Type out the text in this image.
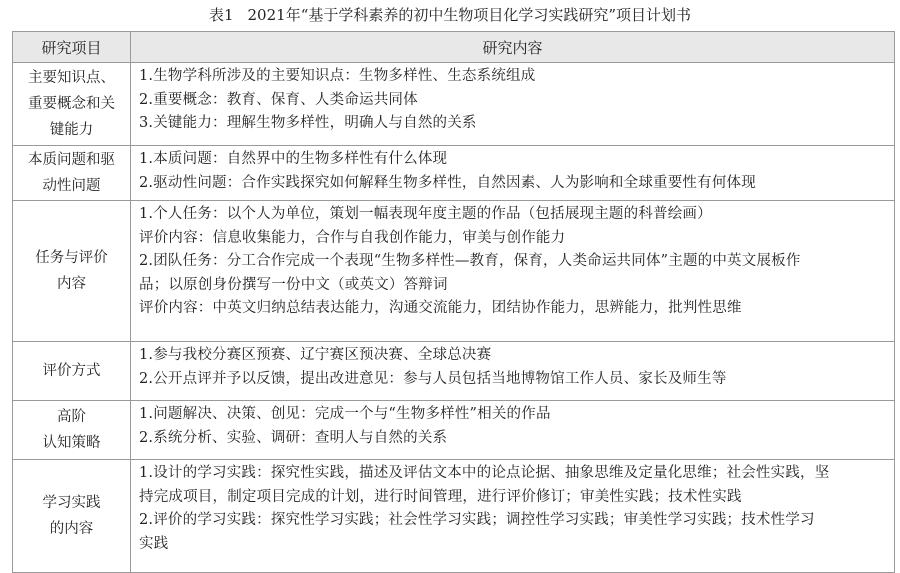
表1 2021年“基于学科素养的初中生物项目化学习实践研究”项目计划书
研究项目	研究内容

主要知识点、
重要概念和关
键能力	1.生物学科所涉及的主要知识点：生物多样性、生态系统组成
2.重要概念：教育、保育、人类命运共同体
3.关键能力：理解生物多样性，明确人与自然的关系

本质问题和驱
动性问题	1.本质问题：自然界中的生物多样性有什么体现
2.驱动性问题：合作实践探究如何解释生物多样性，自然因素、人为影响和全球重要性有何体现

任务与评价
内容	1.个人任务：以个人为单位，策划一幅表现年度主题的作品（包括展现主题的科普绘画）
评价内容：信息收集能力，合作与自我创作能力，审美与创作能力
2.团队任务：分工合作完成一个表现“生物多样性—教育，保育，人类命运共同体”主题的中英文展板作
品；以原创身份撰写一份中文（或英文）答辩词
评价内容：中英文归纳总结表达能力，沟通交流能力，团结协作能力，思辨能力，批判性思维

评价方式	1.参与我校分赛区预赛、辽宁赛区预决赛、全球总决赛
2.公开点评并予以反馈，提出改进意见：参与人员包括当地博物馆工作人员、家长及师生等

高阶
认知策略	1.问题解决、决策、创见：完成一个与“生物多样性”相关的作品
2.系统分析、实验、调研：查明人与自然的关系

学习实践
的内容	1.设计的学习实践：探究性实践，描述及评估文本中的论点论据、抽象思维及定量化思维；社会性实践，坚
持完成项目，制定项目完成的计划，进行时间管理，进行评价修订；审美性实践；技术性实践
2.评价的学习实践：探究性学习实践；社会性学习实践；调控性学习实践；审美性学习实践；技术性学习
实践
